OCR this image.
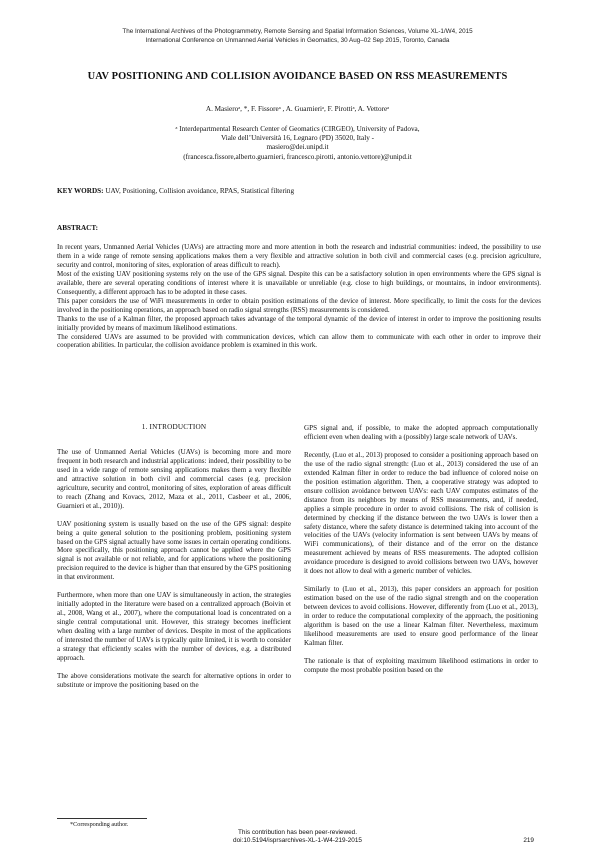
The International Archives of the Photogrammetry, Remote Sensing and Spatial Information Sciences, Volume XL-1/W4, 2015
International Conference on Unmanned Aerial Vehicles in Geomatics, 30 Aug–02 Sep 2015, Toronto, Canada
UAV POSITIONING AND COLLISION AVOIDANCE BASED ON RSS MEASUREMENTS
A. Masieroᵃ, *, F. Fissoreᵃ , A. Guarnieriᵃ, F. Pirottiᵃ, A. Vettoreᵃ
ᵃ Interdepartmental Research Center of Geomatics (CIRGEO), University of Padova,
Viale dell’Università 16, Legnaro (PD) 35020, Italy -
masiero@dei.unipd.it
(francesca.fissore,alberto.guarnieri, francesco.pirotti, antonio.vettore)@unipd.it
KEY WORDS: UAV, Positioning, Collision avoidance, RPAS, Statistical filtering
ABSTRACT:

In recent years, Unmanned Aerial Vehicles (UAVs) are attracting more and more attention in both the research and industrial communities: indeed, the possibility to use them in a wide range of remote sensing applications makes them a very flexible and attractive solution in both civil and commercial cases (e.g. precision agriculture, security and control, monitoring of sites, exploration of areas difficult to reach).

Most of the existing UAV positioning systems rely on the use of the GPS signal. Despite this can be a satisfactory solution in open environments where the GPS signal is available, there are several operating conditions of interest where it is unavailable or unreliable (e.g. close to high buildings, or mountains, in indoor environments). Consequently, a different approach has to be adopted in these cases.

This paper considers the use of WiFi measurements in order to obtain position estimations of the device of interest. More specifically, to limit the costs for the devices involved in the positioning operations, an approach based on radio signal strengths (RSS) measurements is considered.

Thanks to the use of a Kalman filter, the proposed approach takes advantage of the temporal dynamic of the device of interest in order to improve the positioning results initially provided by means of maximum likelihood estimations.

The considered UAVs are assumed to be provided with communication devices, which can allow them to communicate with each other in order to improve their cooperation abilities. In particular, the collision avoidance problem is examined in this work.

1. INTRODUCTION

The use of Unmanned Aerial Vehicles (UAVs) is becoming more and more frequent in both research and industrial applications: indeed, their possibility to be used in a wide range of remote sensing applications makes them a very flexible and attractive solution in both civil and commercial cases (e.g. precision agriculture, security and control, monitoring of sites, exploration of areas difficult to reach (Zhang and Kovacs, 2012, Maza et al., 2011, Casbeer et al., 2006, Guarnieri et al., 2010)).

UAV positioning system is usually based on the use of the GPS signal: despite being a quite general solution to the positioning problem, positioning system based on the GPS signal actually have some issues in certain operating conditions. More specifically, this positioning approach cannot be applied where the GPS signal is not available or not reliable, and for applications where the positioning precision required to the device is higher than that ensured by the GPS positioning in that environment.

Furthermore, when more than one UAV is simultaneously in action, the strategies initially adopted in the literature were based on a centralized approach (Boivin et al., 2008, Wang et al., 2007), where the computational load is concentrated on a single central computational unit. However, this strategy becomes inefficient when dealing with a large number of devices. Despite in most of the applications of interested the number of UAVs is typically quite limited, it is worth to consider a strategy that efficiently scales with the number of devices, e.g. a distributed approach.

The above considerations motivate the search for alternative options in order to substitute or improve the positioning based on the

GPS signal and, if possible, to make the adopted approach computationally efficient even when dealing with a (possibly) large scale network of UAVs.

Recently, (Luo et al., 2013) proposed to consider a positioning approach based on the use of the radio signal strength: (Luo et al., 2013) considered the use of an extended Kalman filter in order to reduce the bad influence of colored noise on the position estimation algorithm. Then, a cooperative strategy was adopted to ensure collision avoidance between UAVs: each UAV computes estimates of the distance from its neighbors by means of RSS measurements, and, if needed, applies a simple procedure in order to avoid collisions. The risk of collision is determined by checking if the distance between the two UAVs is lower then a safety distance, where the safety distance is determined taking into account of the velocities of the UAVs (velocity information is sent between UAVs by means of WiFi communications), of their distance and of the error on the distance measurement achieved by means of RSS measurements. The adopted collision avoidance procedure is designed to avoid collisions between two UAVs, however it does not allow to deal with a generic number of vehicles.

Similarly to (Luo et al., 2013), this paper considers an approach for position estimation based on the use of the radio signal strength and on the cooperation between devices to avoid collisions. However, differently from (Luo et al., 2013), in order to reduce the computational complexity of the approach, the positioning algorithm is based on the use a linear Kalman filter. Nevertheless, maximum likelihood measurements are used to ensure good performance of the linear Kalman filter.

The rationale is that of exploiting maximum likelihood estimations in order to compute the most probable position based on the

*Corresponding author.
This contribution has been peer-reviewed.
doi:10.5194/isprsarchives-XL-1-W4-219-2015	219
